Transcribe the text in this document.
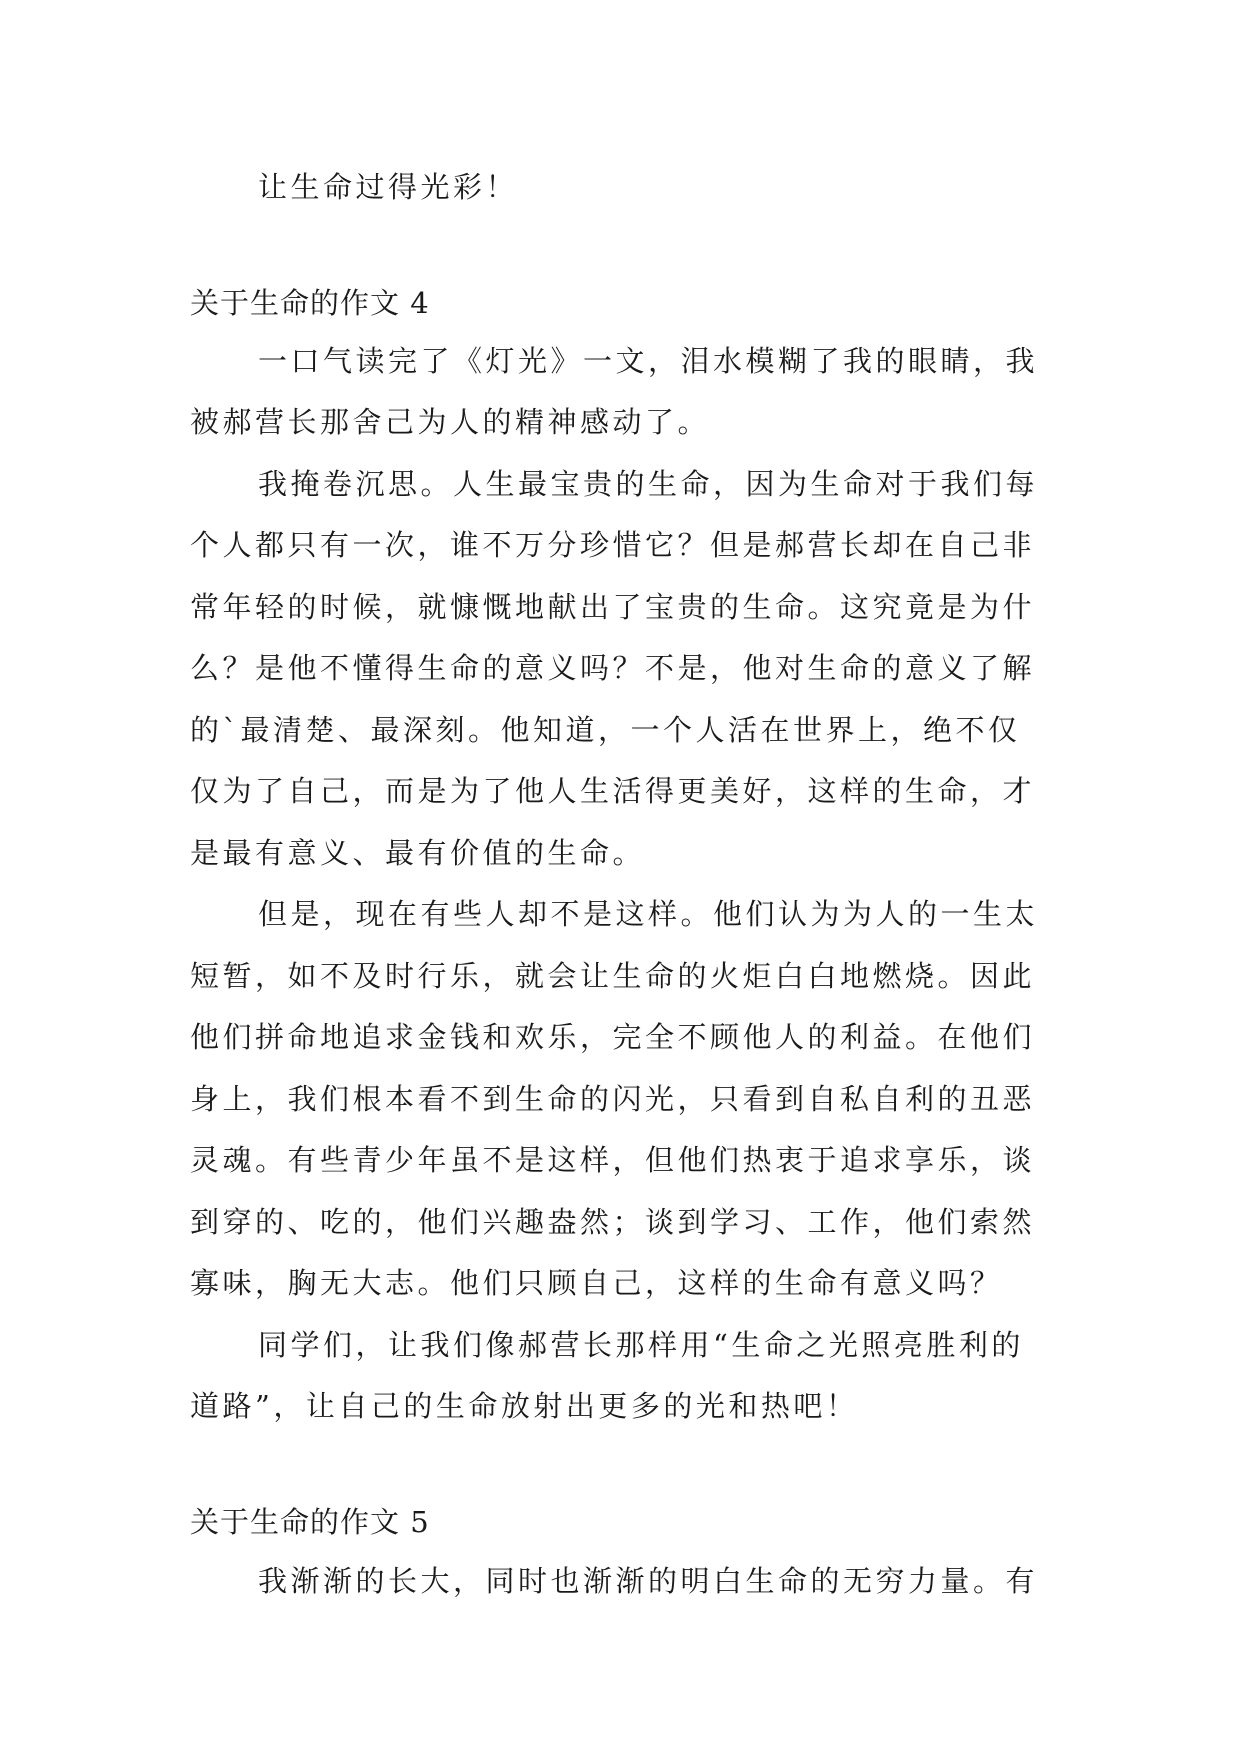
让生命过得光彩！
关于生命的作文 4
一口气读完了《灯光》一文，泪水模糊了我的眼睛，我
被郝营长那舍己为人的精神感动了。
我掩卷沉思。人生最宝贵的生命，因为生命对于我们每
个人都只有一次，谁不万分珍惜它？但是郝营长却在自己非
常年轻的时候，就慷慨地献出了宝贵的生命。这究竟是为什
么？是他不懂得生命的意义吗？不是，他对生命的意义了解
的`最清楚、最深刻。他知道，一个人活在世界上，绝不仅
仅为了自己，而是为了他人生活得更美好，这样的生命，才
是最有意义、最有价值的生命。
但是，现在有些人却不是这样。他们认为为人的一生太
短暂，如不及时行乐，就会让生命的火炬白白地燃烧。因此
他们拼命地追求金钱和欢乐，完全不顾他人的利益。在他们
身上，我们根本看不到生命的闪光，只看到自私自利的丑恶
灵魂。有些青少年虽不是这样，但他们热衷于追求享乐，谈
到穿的、吃的，他们兴趣盎然；谈到学习、工作，他们索然
寡味，胸无大志。他们只顾自己，这样的生命有意义吗？
同学们，让我们像郝营长那样用“生命之光照亮胜利的
道路”，让自己的生命放射出更多的光和热吧！
关于生命的作文 5
我渐渐的长大，同时也渐渐的明白生命的无穷力量。有
